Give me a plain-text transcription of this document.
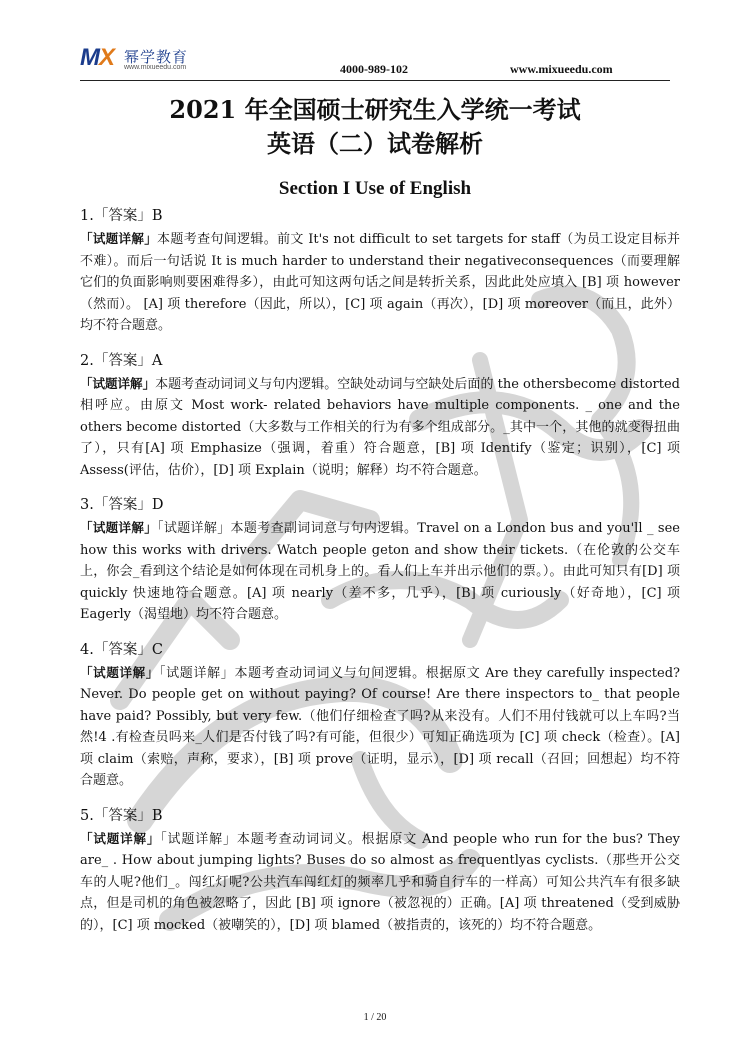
MX 幂学教育
www.mixueedu.com	4000-989-102	www.mixueedu.com
2021 年全国硕士研究生入学统一考试
英语（二）试卷解析
Section I Use of English
1.「答案」B
「试题详解」本题考查句间逻辑。前文 It's not difficult to set targets for staff（为员工设定目标并不难）。而后一句话说 It is much harder to understand their negativeconsequences（而要理解它们的负面影响则要困难得多），由此可知这两句话之间是转折关系，因此此处应填入 [B] 项 however（然而）。 [A] 项 therefore（因此，所以），[C] 项 again（再次），[D] 项 moreover（而且，此外）均不符合题意。
2.「答案」A
「试题详解」本题考查动词词义与句内逻辑。空缺处动词与空缺处后面的 the othersbecome distorted 相呼应。由原文 Most work- related behaviors have multiple components. _ one and the others become distorted（大多数与工作相关的行为有多个组成部分。_其中一个，其他的就变得扭曲了），只有[A] 项 Emphasize（强调，着重）符合题意，[B] 项 Identify（鉴定；识别），[C] 项 Assess(评估，估价），[D] 项 Explain（说明；解释）均不符合题意。
3.「答案」D
「试题详解」「试题详解」本题考查副词词意与句内逻辑。Travel on a London bus and you'll _ see how this works with drivers. Watch people geton and show their tickets.（在伦敦的公交车上，你会_看到这个结论是如何体现在司机身上的。看人们上车并出示他们的票。）。由此可知只有[D] 项 quickly 快速地符合题意。[A] 项 nearly（差不多，几乎），[B] 项 curiously（好奇地），[C] 项 Eagerly（渴望地）均不符合题意。
4.「答案」C
「试题详解」「试题详解」本题考查动词词义与句间逻辑。根据原文 Are they carefully inspected? Never. Do people get on without paying? Of course! Are there inspectors to_ that people have paid? Possibly, but very few.（他们仔细检查了吗?从来没有。人们不用付钱就可以上车吗?当然!4 .有检查员吗来_人们是否付钱了吗?有可能，但很少）可知正确选项为 [C] 项 check（检查）。[A] 项 claim（索赔，声称，要求），[B] 项 prove（证明，显示），[D] 项 recall（召回；回想起）均不符合题意。
5.「答案」B
「试题详解」「试题详解」本题考查动词词义。根据原文 And people who run for the bus? They are_ . How about jumping lights? Buses do so almost as frequentlyas cyclists.（那些开公交车的人呢?他们_。闯红灯呢?公共汽车闯红灯的频率几乎和骑自行车的一样高）可知公共汽车有很多缺点，但是司机的角色被忽略了，因此 [B] 项 ignore（被忽视的）正确。[A] 项 threatened（受到威胁的），[C] 项 mocked（被嘲笑的），[D] 项 blamed（被指责的，该死的）均不符合题意。
1 / 20
